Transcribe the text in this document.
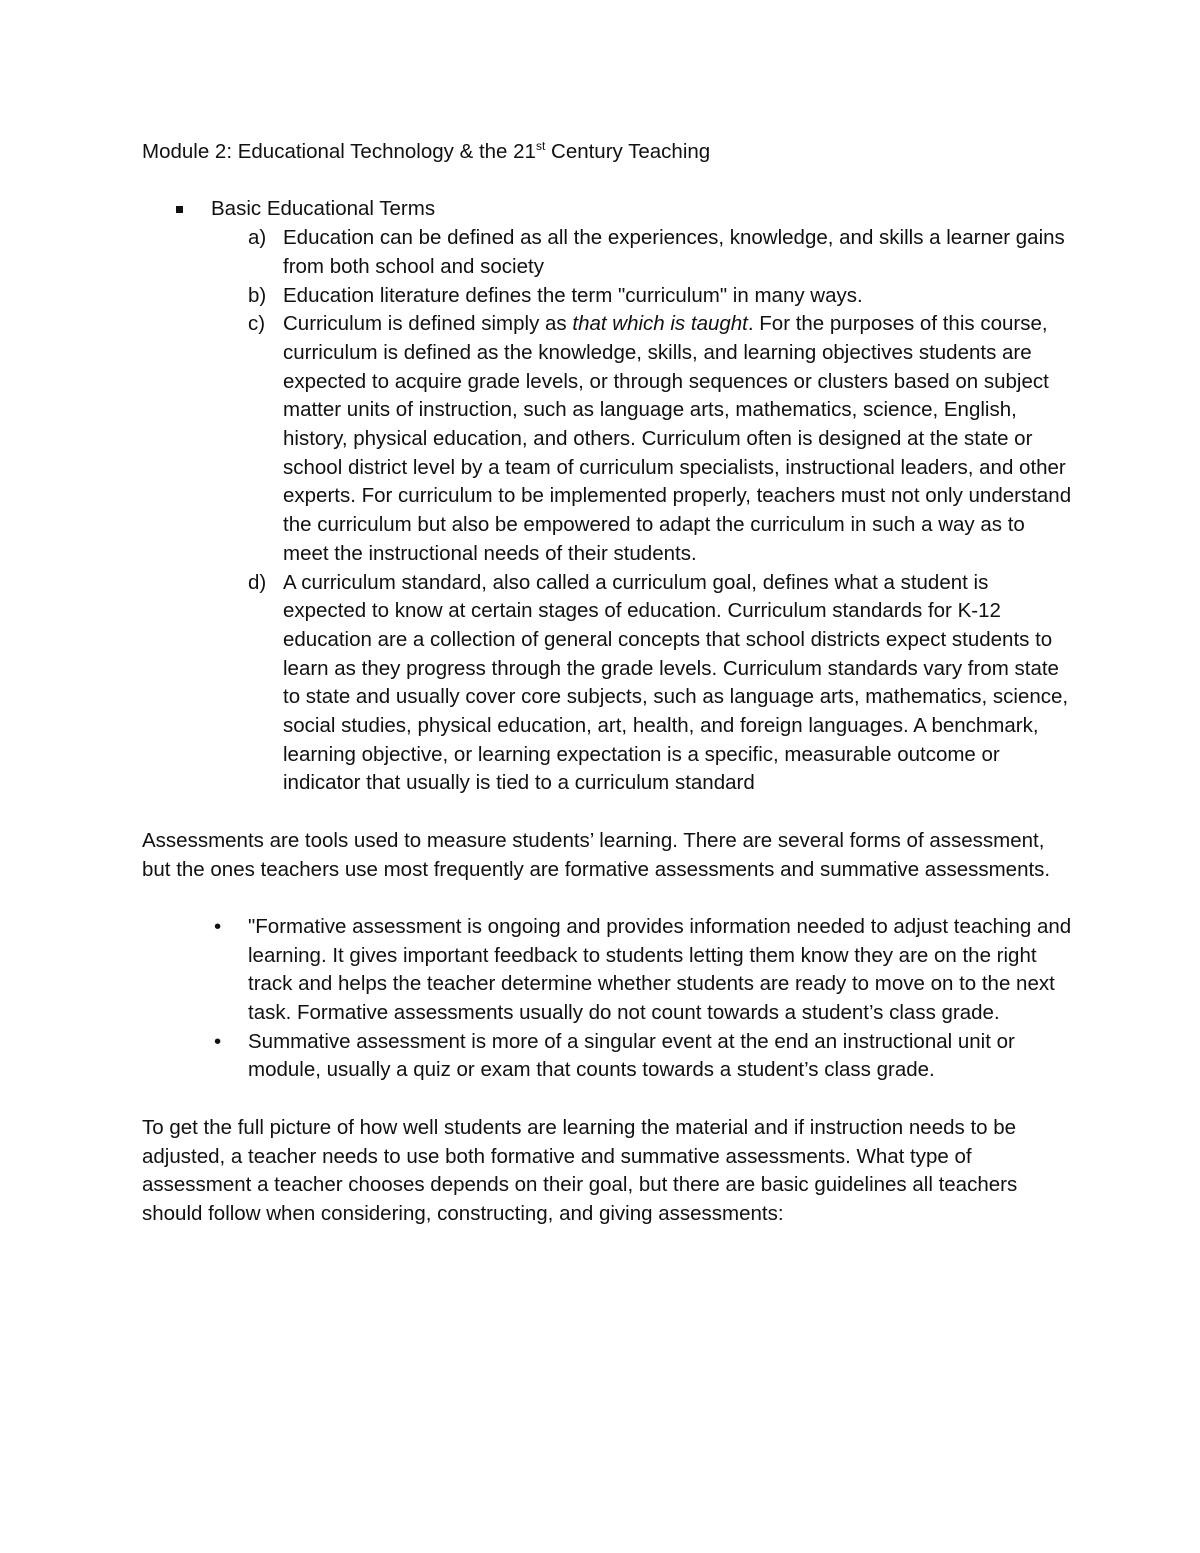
Module 2: Educational Technology & the 21st Century Teaching
Basic Educational Terms
a) Education can be defined as all the experiences, knowledge, and skills a learner gains from both school and society
b) Education literature defines the term "curriculum" in many ways.
c) Curriculum is defined simply as that which is taught. For the purposes of this course, curriculum is defined as the knowledge, skills, and learning objectives students are expected to acquire grade levels, or through sequences or clusters based on subject matter units of instruction, such as language arts, mathematics, science, English, history, physical education, and others. Curriculum often is designed at the state or school district level by a team of curriculum specialists, instructional leaders, and other experts. For curriculum to be implemented properly, teachers must not only understand the curriculum but also be empowered to adapt the curriculum in such a way as to meet the instructional needs of their students.
d) A curriculum standard, also called a curriculum goal, defines what a student is expected to know at certain stages of education. Curriculum standards for K-12 education are a collection of general concepts that school districts expect students to learn as they progress through the grade levels. Curriculum standards vary from state to state and usually cover core subjects, such as language arts, mathematics, science, social studies, physical education, art, health, and foreign languages. A benchmark, learning objective, or learning expectation is a specific, measurable outcome or indicator that usually is tied to a curriculum standard

Assessments are tools used to measure students’ learning. There are several forms of assessment, but the ones teachers use most frequently are formative assessments and summative assessments.

• "Formative assessment is ongoing and provides information needed to adjust teaching and learning. It gives important feedback to students letting them know they are on the right track and helps the teacher determine whether students are ready to move on to the next task. Formative assessments usually do not count towards a student’s class grade.
• Summative assessment is more of a singular event at the end an instructional unit or module, usually a quiz or exam that counts towards a student’s class grade.

To get the full picture of how well students are learning the material and if instruction needs to be adjusted, a teacher needs to use both formative and summative assessments. What type of assessment a teacher chooses depends on their goal, but there are basic guidelines all teachers should follow when considering, constructing, and giving assessments:
